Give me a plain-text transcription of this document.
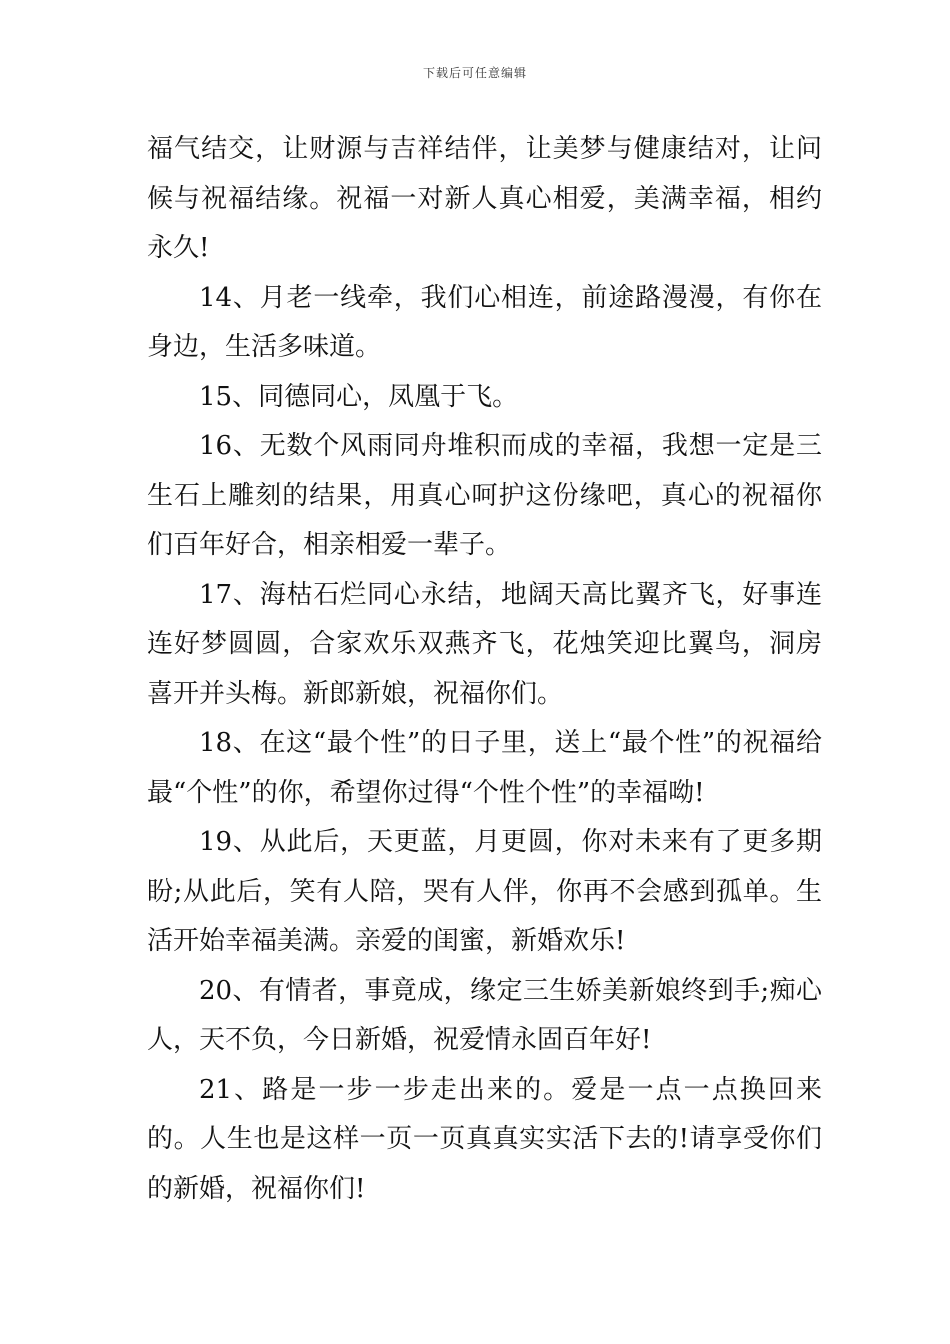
下载后可任意编辑

福气结交，让财源与吉祥结伴，让美梦与健康结对，让问候与祝福结缘。祝福一对新人真心相爱，美满幸福，相约永久!

14、月老一线牵，我们心相连，前途路漫漫，有你在身边，生活多味道。

15、同德同心，凤凰于飞。

16、无数个风雨同舟堆积而成的幸福，我想一定是三生石上雕刻的结果，用真心呵护这份缘吧，真心的祝福你们百年好合，相亲相爱一辈子。

17、海枯石烂同心永结，地阔天高比翼齐飞，好事连连好梦圆圆，合家欢乐双燕齐飞，花烛笑迎比翼鸟，洞房喜开并头梅。新郎新娘，祝福你们。

18、在这“最个性”的日子里，送上“最个性”的祝福给最“个性”的你，希望你过得“个性个性”的幸福呦!

19、从此后，天更蓝，月更圆，你对未来有了更多期盼;从此后，笑有人陪，哭有人伴，你再不会感到孤单。生活开始幸福美满。亲爱的闺蜜，新婚欢乐!

20、有情者，事竟成，缘定三生娇美新娘终到手;痴心人，天不负，今日新婚，祝爱情永固百年好!

21、路是一步一步走出来的。爱是一点一点换回来的。人生也是这样一页一页真真实实活下去的!请享受你们的新婚，祝福你们!
